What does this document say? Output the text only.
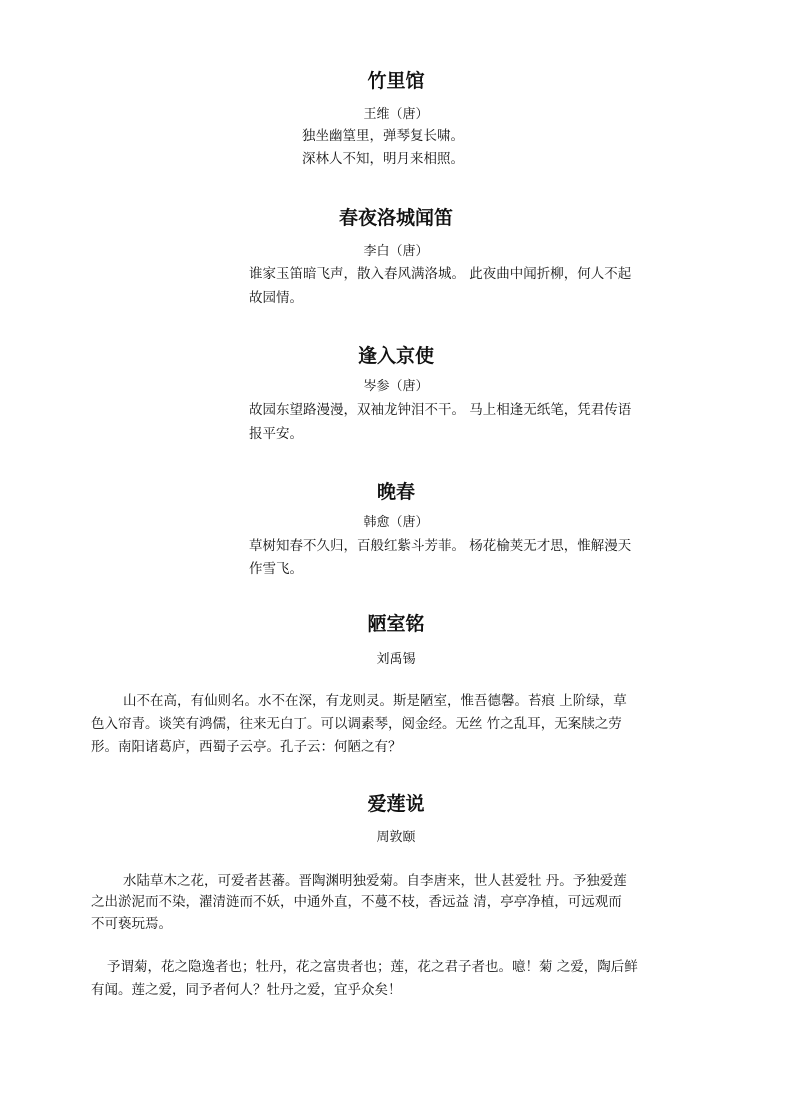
竹里馆
王维（唐）
独坐幽篁里，弹琴复长啸。
深林人不知，明月来相照。
春夜洛城闻笛
李白（唐）
谁家玉笛暗飞声，散入春风满洛城。 此夜曲中闻折柳，何人不起
故园情。
逢入京使
岑参（唐）
故园东望路漫漫，双袖龙钟泪不干。 马上相逢无纸笔，凭君传语
报平安。
晚春
韩愈（唐）
草树知春不久归，百般红紫斗芳菲。 杨花榆荚无才思，惟解漫天
作雪飞。
陋室铭
刘禹锡
山不在高，有仙则名。水不在深，有龙则灵。斯是陋室，惟吾德馨。苔痕 上阶绿，草
色入帘青。谈笑有鸿儒，往来无白丁。可以调素琴，阅金经。无丝 竹之乱耳，无案牍之劳
形。南阳诸葛庐，西蜀子云亭。孔子云：何陋之有？
爱莲说
周敦颐
水陆草木之花，可爱者甚蕃。晋陶渊明独爱菊。自李唐来，世人甚爱牡 丹。予独爱莲
之出淤泥而不染，濯清涟而不妖，中通外直，不蔓不枝，香远益 清，亭亭净植，可远观而
不可亵玩焉。
予谓菊，花之隐逸者也；牡丹，花之富贵者也；莲，花之君子者也。噫！菊 之爱，陶后鲜
有闻。莲之爱，同予者何人？牡丹之爱，宜乎众矣！
